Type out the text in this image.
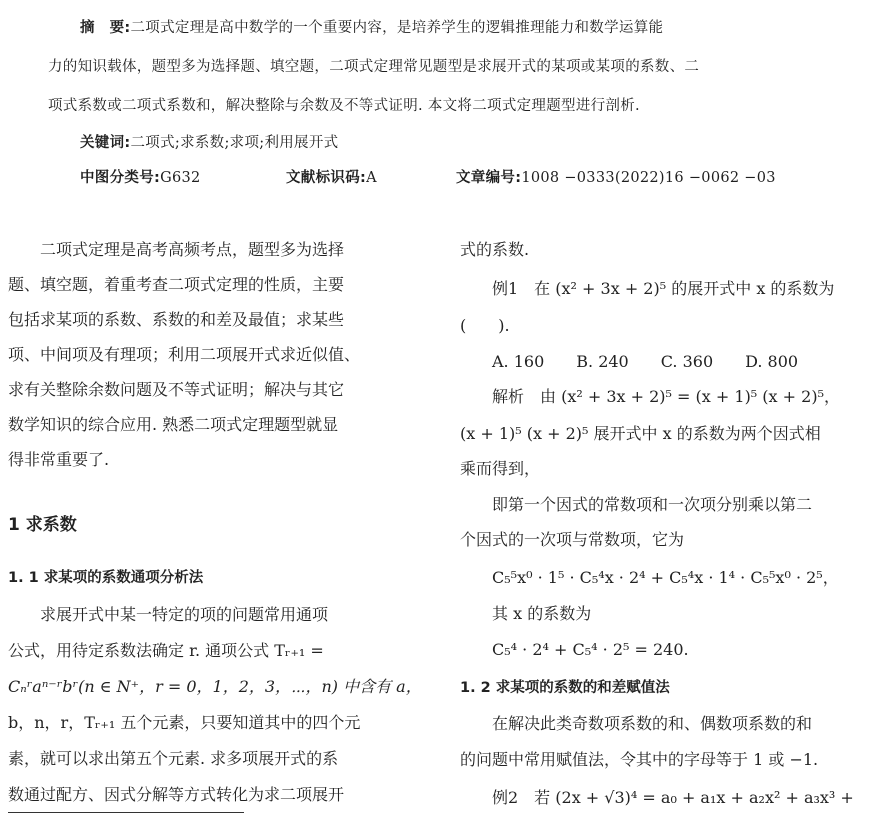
摘　要:二项式定理是高中数学的一个重要内容，是培养学生的逻辑推理能力和数学运算能
力的知识载体，题型多为选择题、填空题，二项式定理常见题型是求展开式的某项或某项的系数、二
项式系数或二项式系数和，解决整除与余数及不等式证明. 本文将二项式定理题型进行剖析.
关键词:二项式;求系数;求项;利用展开式
中图分类号:G632	文献标识码:A	文章编号:1008 −0333(2022)16 −0062 −03
　　二项式定理是高考高频考点，题型多为选择
题、填空题，着重考查二项式定理的性质，主要
包括求某项的系数、系数的和差及最值；求某些
项、中间项及有理项；利用二项展开式求近似值、
求有关整除余数问题及不等式证明；解决与其它
数学知识的综合应用. 熟悉二项式定理题型就显
得非常重要了.
1 求系数
1. 1 求某项的系数通项分析法
　　求展开式中某一特定的项的问题常用通项
公式，用待定系数法确定 r. 通项公式 Tᵣ₊₁ =
Cₙʳaⁿ⁻ʳbʳ(n ∈ N⁺，r = 0，1，2，3，⋯，n) 中含有 a，
b，n，r，Tᵣ₊₁ 五个元素，只要知道其中的四个元
素，就可以求出第五个元素. 求多项展开式的系
数通过配方、因式分解等方式转化为求二项展开
式的系数.
　　例1　在 (x² + 3x + 2)⁵ 的展开式中 x 的系数为
(　　).
　　A. 160　　B. 240　　C. 360　　D. 800
　　解析　由 (x² + 3x + 2)⁵ = (x + 1)⁵ (x + 2)⁵，
(x + 1)⁵ (x + 2)⁵ 展开式中 x 的系数为两个因式相
乘而得到，
　　即第一个因式的常数项和一次项分别乘以第二
个因式的一次项与常数项，它为
　　C₅⁵x⁰ · 1⁵ · C₅⁴x · 2⁴ + C₅⁴x · 1⁴ · C₅⁵x⁰ · 2⁵，
　　其 x 的系数为
　　C₅⁴ · 2⁴ + C₅⁴ · 2⁵ = 240.
1. 2 求某项的系数的和差赋值法
　　在解决此类奇数项系数的和、偶数项系数的和
的问题中常用赋值法，令其中的字母等于 1 或 −1.
　　例2　若 (2x + √3)⁴ = a₀ + a₁x + a₂x² + a₃x³ +
